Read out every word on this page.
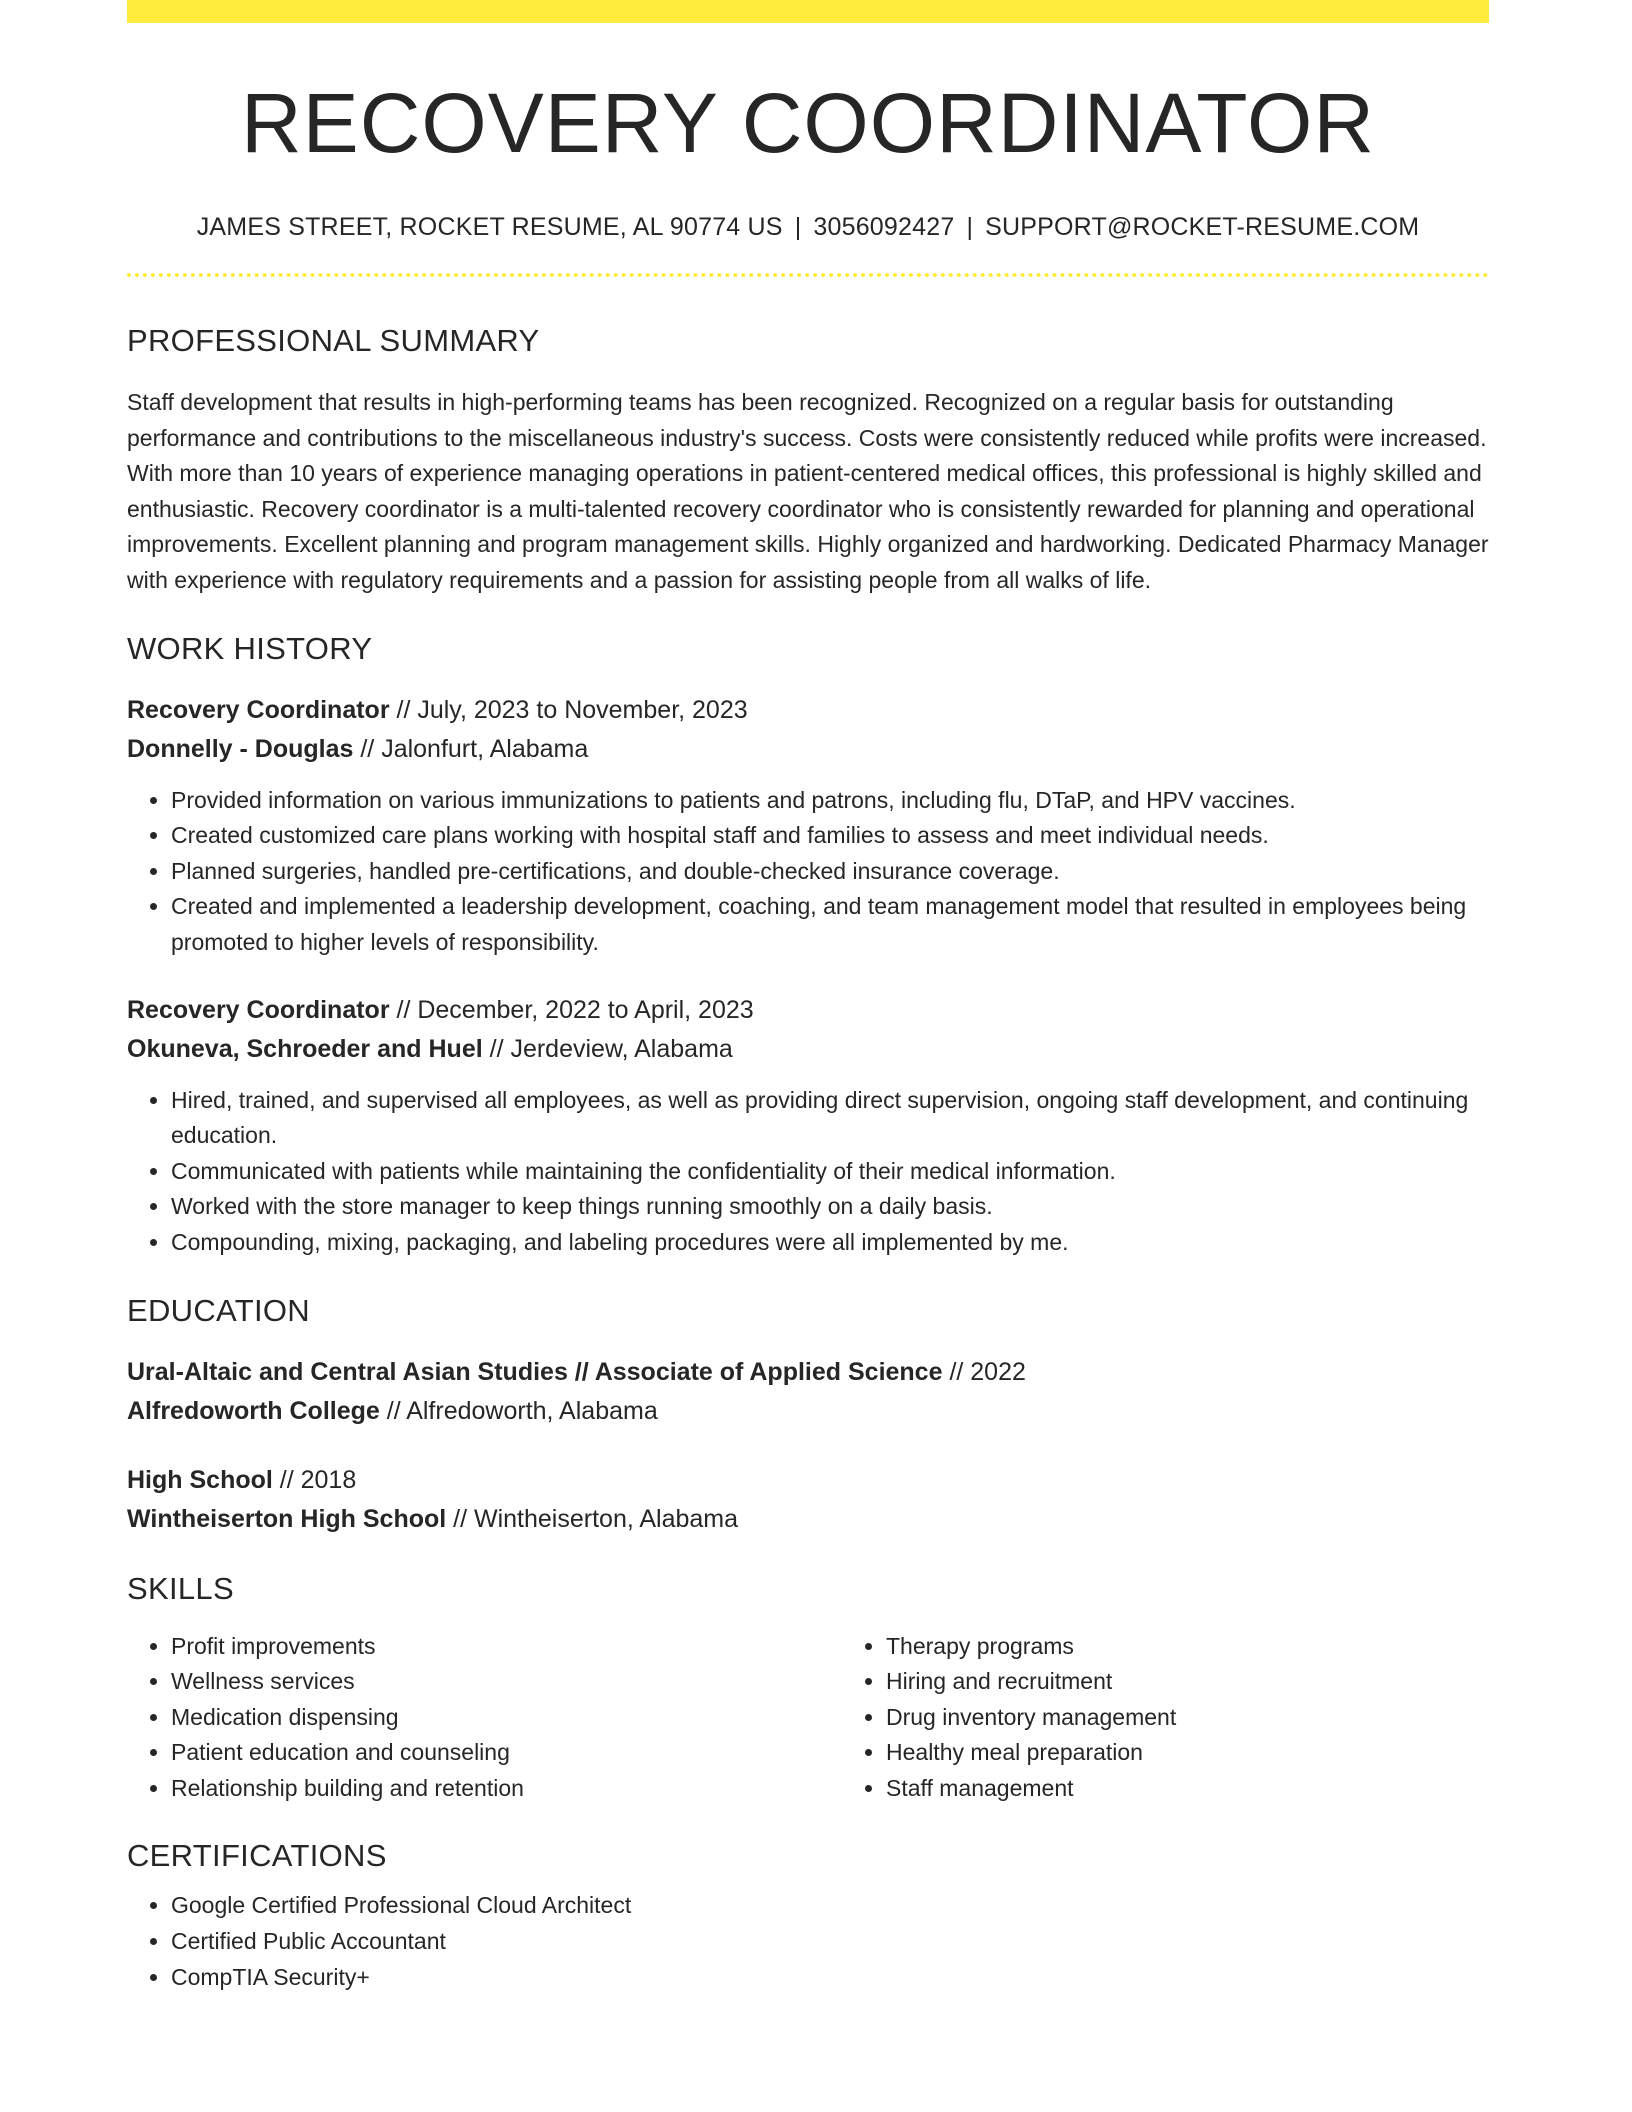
RECOVERY COORDINATOR
JAMES STREET, ROCKET RESUME, AL 90774 US | 3056092427 | SUPPORT@ROCKET-RESUME.COM
PROFESSIONAL SUMMARY

Staff development that results in high-performing teams has been recognized. Recognized on a regular basis for outstanding performance and contributions to the miscellaneous industry's success. Costs were consistently reduced while profits were increased. With more than 10 years of experience managing operations in patient-centered medical offices, this professional is highly skilled and enthusiastic. Recovery coordinator is a multi-talented recovery coordinator who is consistently rewarded for planning and operational improvements. Excellent planning and program management skills. Highly organized and hardworking. Dedicated Pharmacy Manager with experience with regulatory requirements and a passion for assisting people from all walks of life.

WORK HISTORY
Recovery Coordinator // July, 2023 to November, 2023
Donnelly - Douglas // Jalonfurt, Alabama
• Provided information on various immunizations to patients and patrons, including flu, DTaP, and HPV vaccines.
• Created customized care plans working with hospital staff and families to assess and meet individual needs.
• Planned surgeries, handled pre-certifications, and double-checked insurance coverage.
• Created and implemented a leadership development, coaching, and team management model that resulted in employees being promoted to higher levels of responsibility.
Recovery Coordinator // December, 2022 to April, 2023
Okuneva, Schroeder and Huel // Jerdeview, Alabama
• Hired, trained, and supervised all employees, as well as providing direct supervision, ongoing staff development, and continuing education.
• Communicated with patients while maintaining the confidentiality of their medical information.
• Worked with the store manager to keep things running smoothly on a daily basis.
• Compounding, mixing, packaging, and labeling procedures were all implemented by me.
EDUCATION
Ural-Altaic and Central Asian Studies // Associate of Applied Science // 2022
Alfredoworth College // Alfredoworth, Alabama
High School // 2018
Wintheiserton High School // Wintheiserton, Alabama
SKILLS
• Profit improvements
• Wellness services
• Medication dispensing
• Patient education and counseling
• Relationship building and retention
• Therapy programs
• Hiring and recruitment
• Drug inventory management
• Healthy meal preparation
• Staff management
CERTIFICATIONS
• Google Certified Professional Cloud Architect
• Certified Public Accountant
• CompTIA Security+
